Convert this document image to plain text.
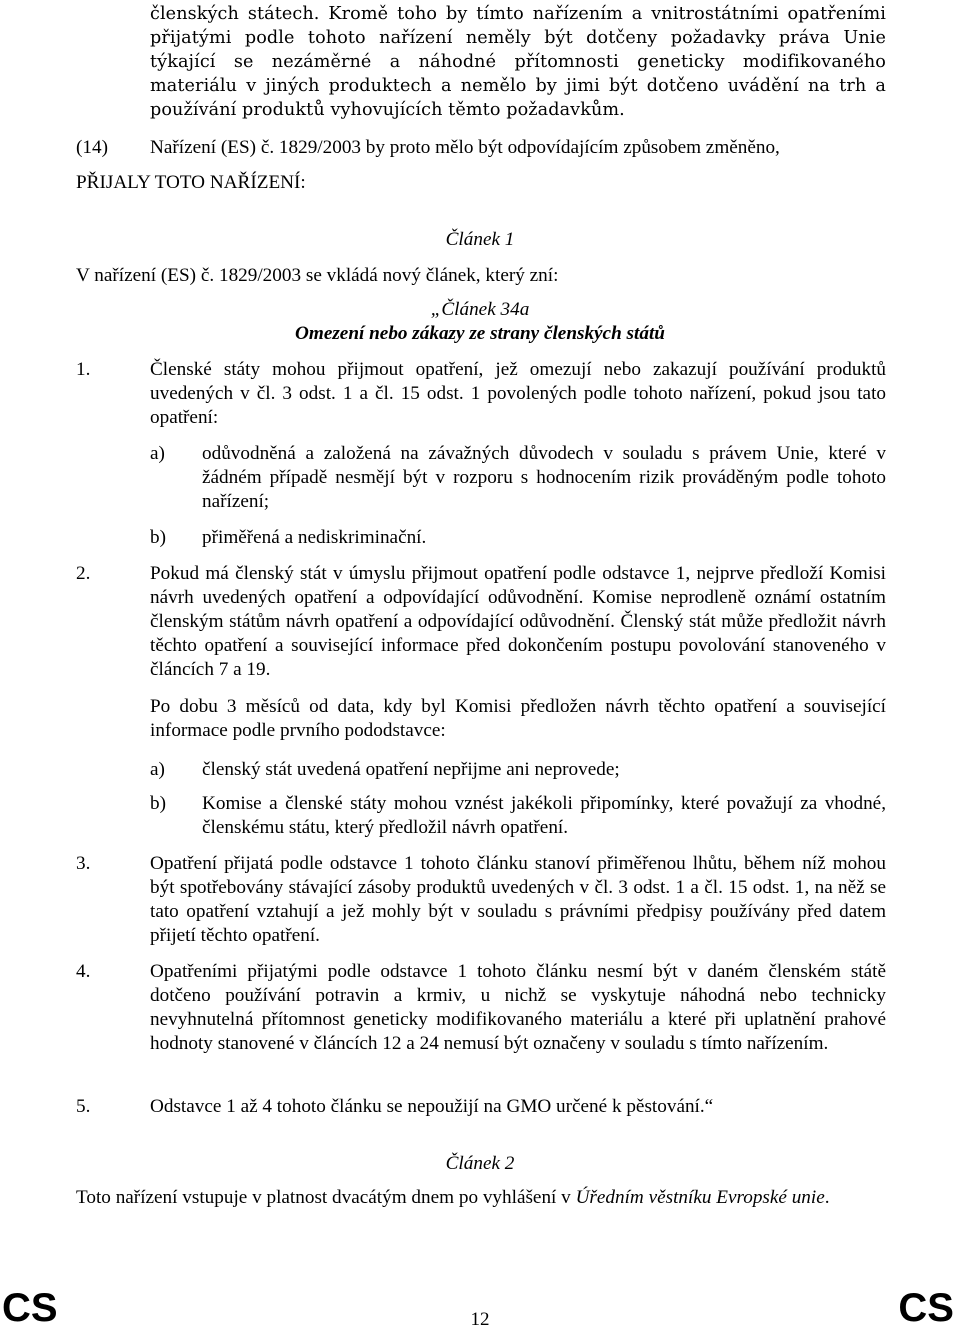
členských státech. Kromě toho by tímto nařízením a vnitrostátními opatřeními přijatými podle tohoto nařízení neměly být dotčeny požadavky práva Unie týkající se nezáměrné a náhodné přítomnosti geneticky modifikovaného materiálu v jiných produktech a nemělo by jimi být dotčeno uvádění na trh a používání produktů vyhovujících těmto požadavkům.

(14) Nařízení (ES) č. 1829/2003 by proto mělo být odpovídajícím způsobem změněno,

PŘIJALY TOTO NAŘÍZENÍ:

Článek 1

V nařízení (ES) č. 1829/2003 se vkládá nový článek, který zní:

„Článek 34a

Omezení nebo zákazy ze strany členských států

1.	Členské státy mohou přijmout opatření, jež omezují nebo zakazují používání produktů uvedených v čl. 3 odst. 1 a čl. 15 odst. 1 povolených podle tohoto nařízení, pokud jsou tato opatření:

a) odůvodněná a založená na závažných důvodech v souladu s právem Unie, které v žádném případě nesmějí být v rozporu s hodnocením rizik prováděným podle tohoto nařízení;

b) přiměřená a nediskriminační.

2.	Pokud má členský stát v úmyslu přijmout opatření podle odstavce 1, nejprve předloží Komisi návrh uvedených opatření a odpovídající odůvodnění. Komise neprodleně oznámí ostatním členským státům návrh opatření a odpovídající odůvodnění. Členský stát může předložit návrh těchto opatření a související informace před dokončením postupu povolování stanoveného v článcích 7 a 19.

Po dobu 3 měsíců od data, kdy byl Komisi předložen návrh těchto opatření a související informace podle prvního pododstavce:

a) členský stát uvedená opatření nepřijme ani neprovede;

b) Komise a členské státy mohou vznést jakékoli připomínky, které považují za vhodné, členskému státu, který předložil návrh opatření.

3.	Opatření přijatá podle odstavce 1 tohoto článku stanoví přiměřenou lhůtu, během níž mohou být spotřebovány stávající zásoby produktů uvedených v čl. 3 odst. 1 a čl. 15 odst. 1, na něž se tato opatření vztahují a jež mohly být v souladu s právními předpisy používány před datem přijetí těchto opatření.

4.	Opatřeními přijatými podle odstavce 1 tohoto článku nesmí být v daném členském státě dotčeno používání potravin a krmiv, u nichž se vyskytuje náhodná nebo technicky nevyhnutelná přítomnost geneticky modifikovaného materiálu a které při uplatnění prahové hodnoty stanovené v článcích 12 a 24 nemusí být označeny v souladu s tímto nařízením.

5.	Odstavce 1 až 4 tohoto článku se nepoužijí na GMO určené k pěstování.“

Článek 2

Toto nařízení vstupuje v platnost dvacátým dnem po vyhlášení v Úředním věstníku Evropské unie.

CS	12	CS
